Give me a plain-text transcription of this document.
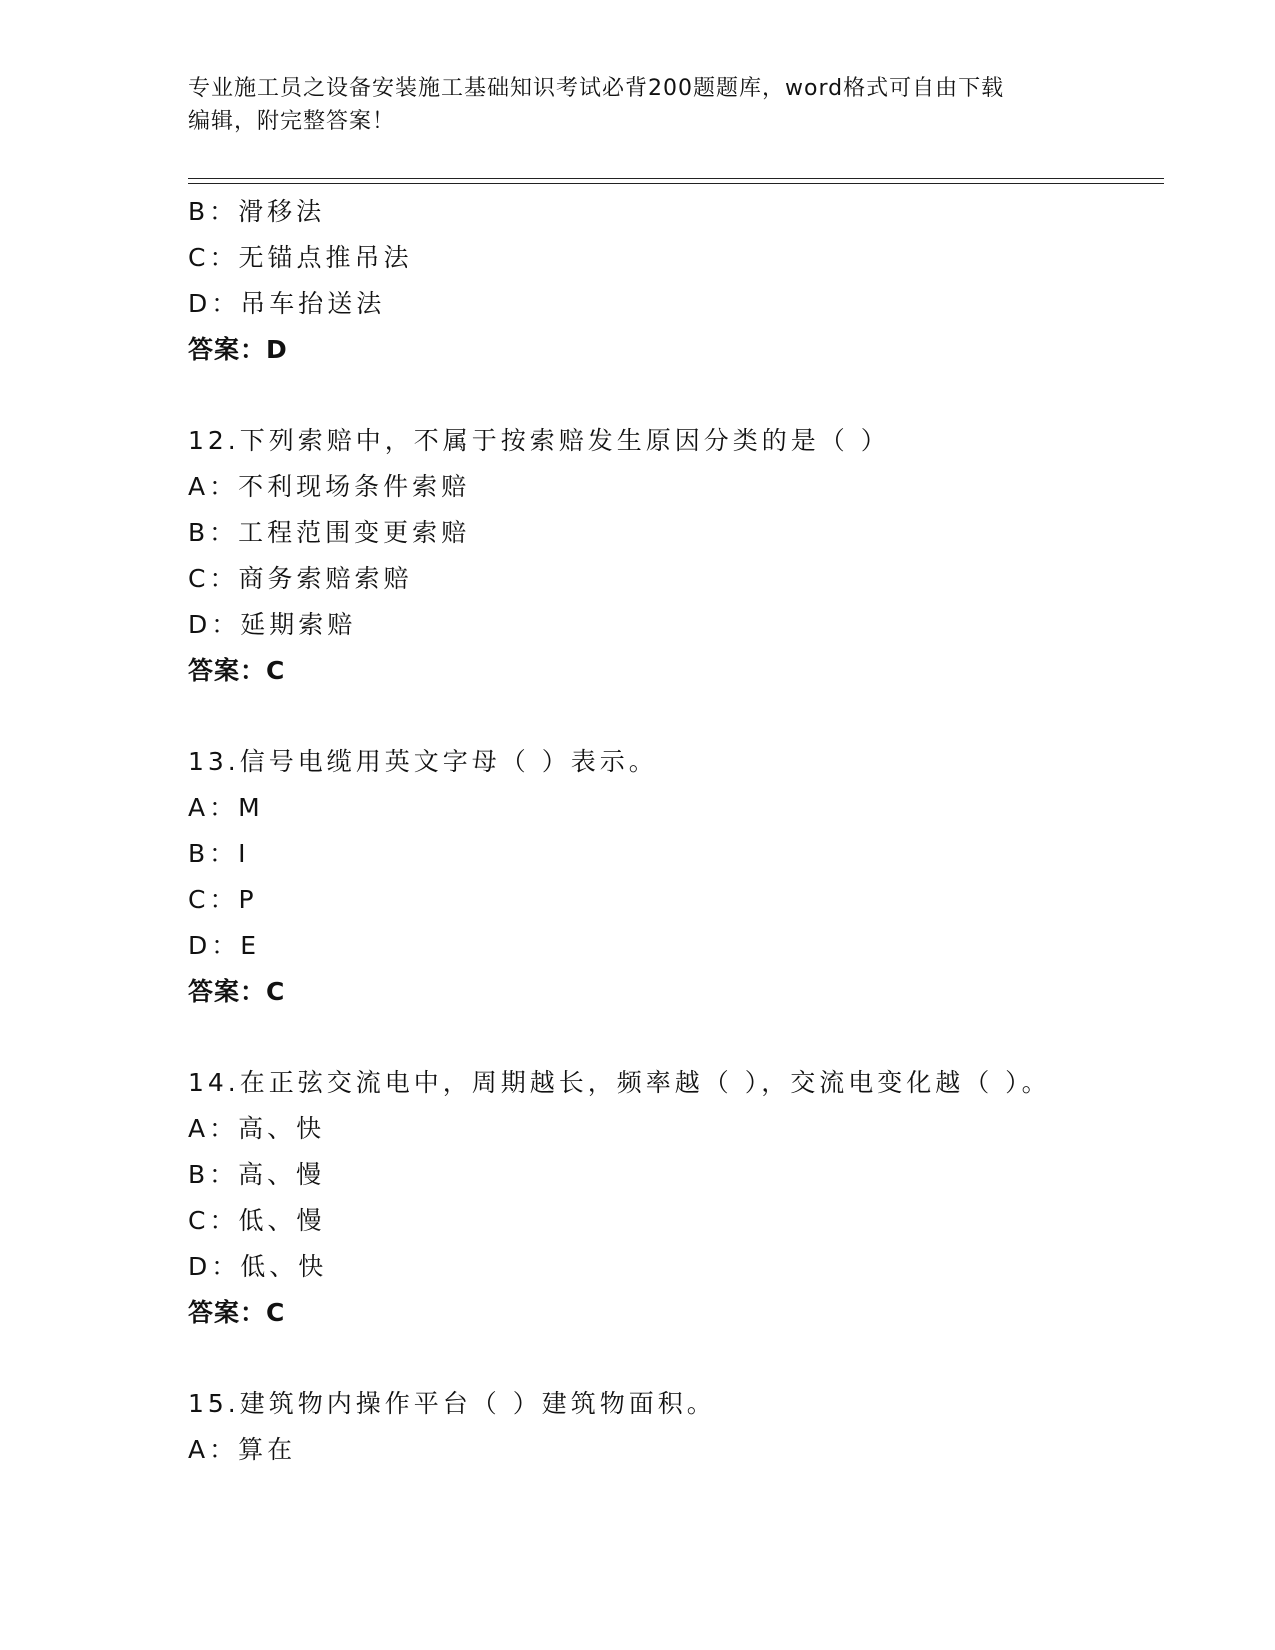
专业施工员之设备安装施工基础知识考试必背200题题库，word格式可自由下载
编辑，附完整答案！
B：滑移法
C：无锚点推吊法
D：吊车抬送法
答案：D
12.下列索赔中，不属于按索赔发生原因分类的是（ ）
A：不利现场条件索赔
B：工程范围变更索赔
C：商务索赔索赔
D：延期索赔
答案：C
13.信号电缆用英文字母（ ）表示。
A：M
B：I
C：P
D：E
答案：C
14.在正弦交流电中，周期越长，频率越（ ），交流电变化越（ ）。
A：高、快
B：高、慢
C：低、慢
D：低、快
答案：C
15.建筑物内操作平台（ ）建筑物面积。
A：算在
